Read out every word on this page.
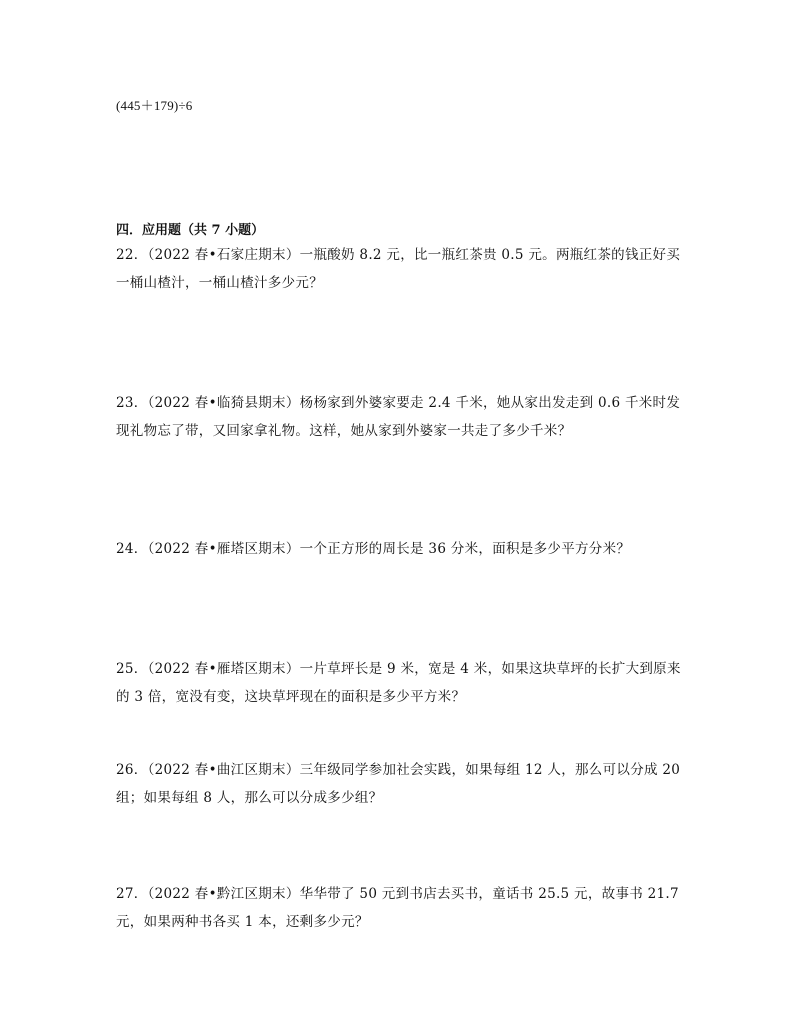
(445＋179)÷6
四．应用题（共 7 小题）
22．（2022 春•石家庄期末）一瓶酸奶 8.2 元，比一瓶红茶贵 0.5 元。两瓶红茶的钱正好买一桶山楂汁，一桶山楂汁多少元？
23．（2022 春•临猗县期末）杨杨家到外婆家要走 2.4 千米，她从家出发走到 0.6 千米时发现礼物忘了带，又回家拿礼物。这样，她从家到外婆家一共走了多少千米？
24．（2022 春•雁塔区期末）一个正方形的周长是 36 分米，面积是多少平方分米？
25．（2022 春•雁塔区期末）一片草坪长是 9 米，宽是 4 米，如果这块草坪的长扩大到原来的 3 倍，宽没有变，这块草坪现在的面积是多少平方米？
26．（2022 春•曲江区期末）三年级同学参加社会实践，如果每组 12 人，那么可以分成 20 组；如果每组 8 人，那么可以分成多少组？
27．（2022 春•黔江区期末）华华带了 50 元到书店去买书，童话书 25.5 元，故事书 21.7 元，如果两种书各买 1 本，还剩多少元？
